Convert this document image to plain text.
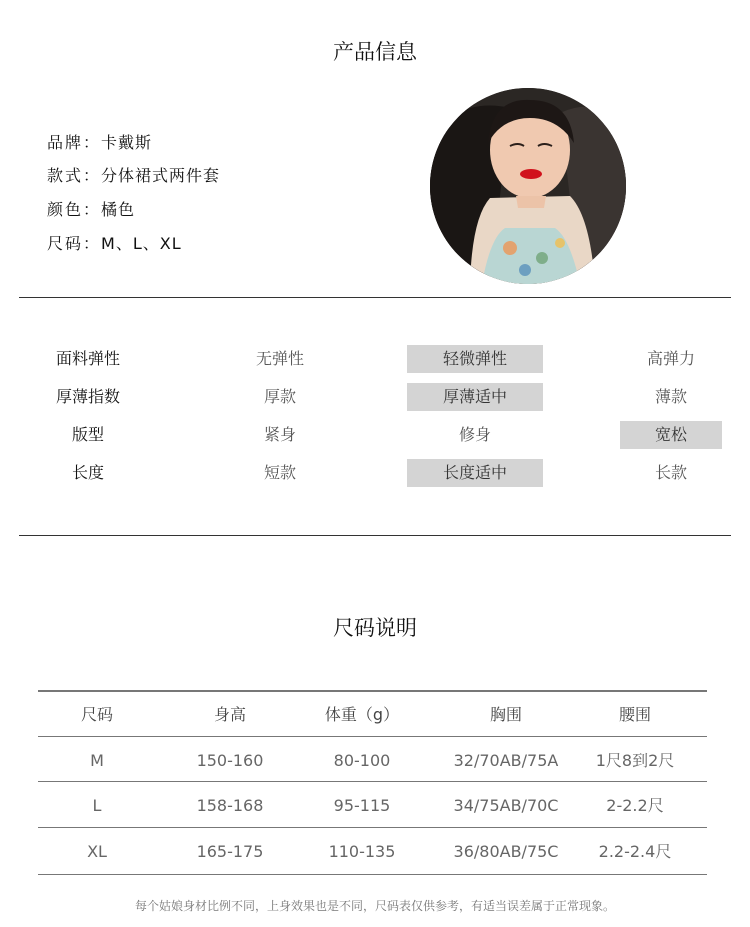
产品信息
品牌：卡戴斯
款式：分体裙式两件套
颜色：橘色
尺码：M、L、XL
面料弹性	无弹性	轻微弹性	高弹力
厚薄指数	厚款	厚薄适中	薄款
版型	紧身	修身	宽松
长度	短款	长度适中	长款
尺码说明
尺码	身高	体重（g）	胸围	腰围
M	150-160	80-100	32/70AB/75A	1尺8到2尺
L	158-168	95-115	34/75AB/70C	2-2.2尺
XL	165-175	110-135	36/80AB/75C	2.2-2.4尺
每个姑娘身材比例不同，上身效果也是不同，尺码表仅供参考，有适当误差属于正常现象。
